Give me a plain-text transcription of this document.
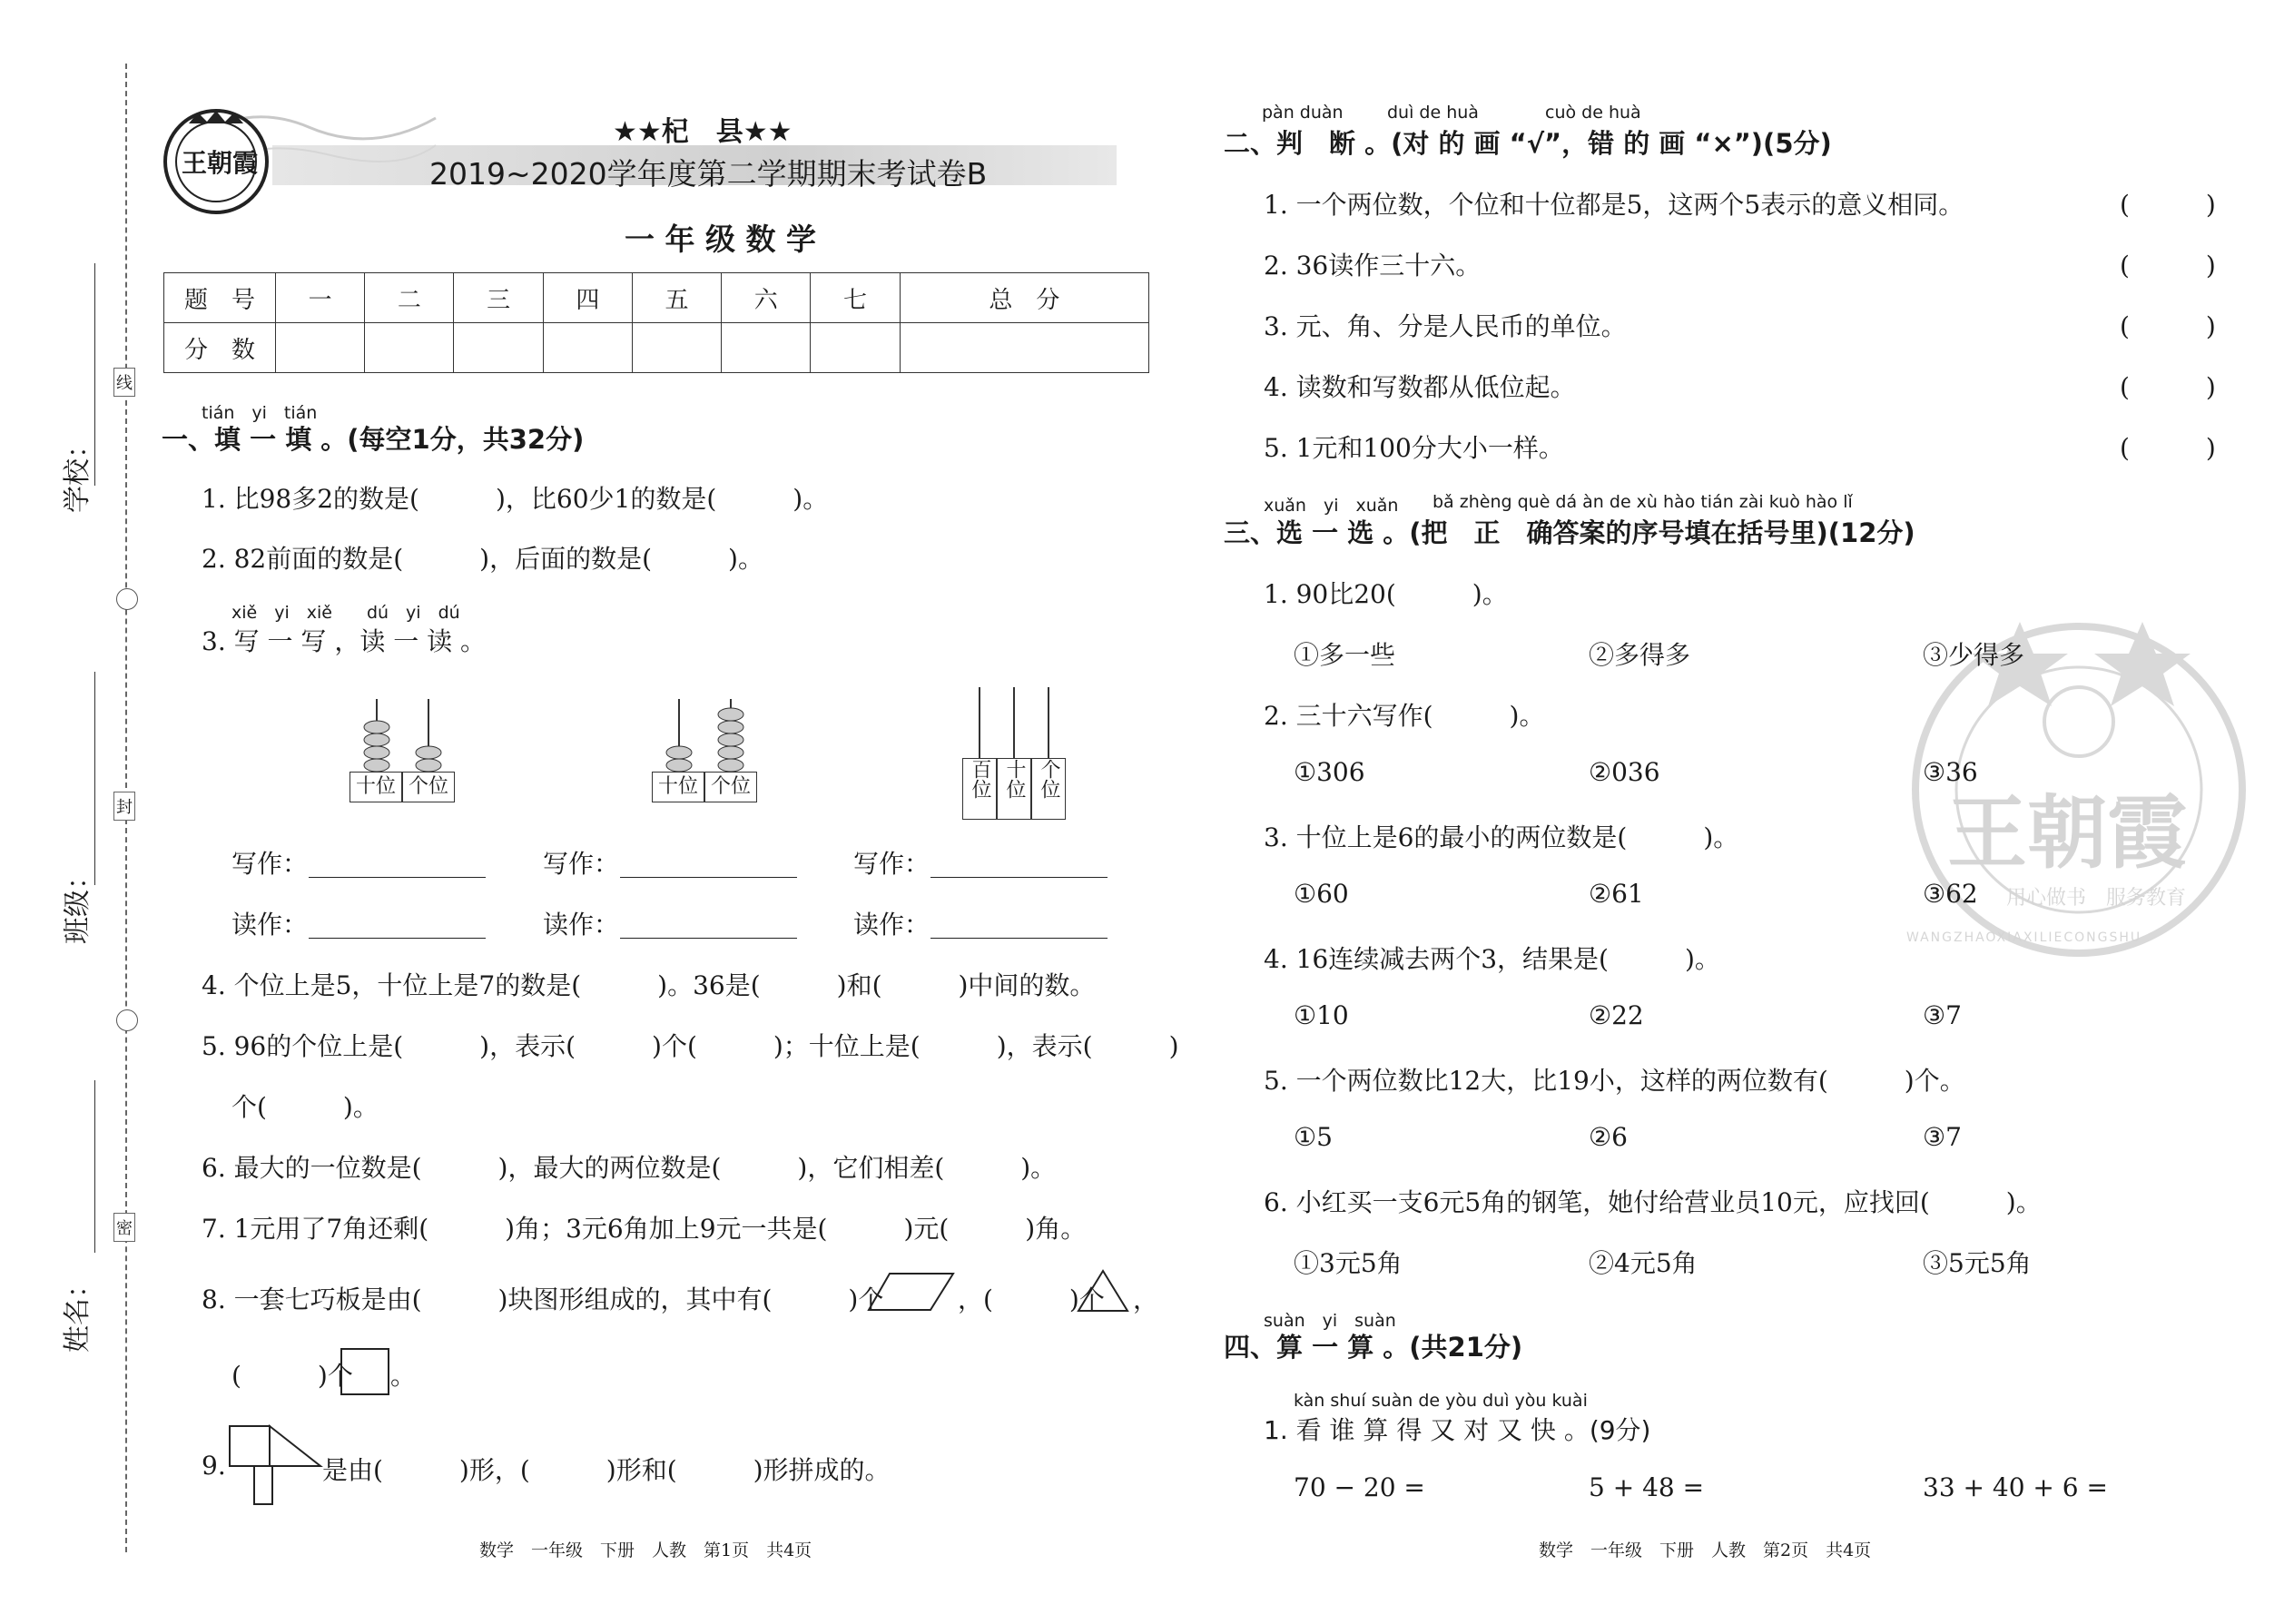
线
封
密
学校：
班级：
姓名：
王朝霞
★★杞　县★★
2019~2020学年度第二学期期末考试卷B
一 年 级 数 学
题　号	一	二	三	四	五	六	七	总　分
分　数								
tián　yi　tián
一、填 一 填 。(每空1分，共32分)
1. 比98多2的数是(　　　)，比60少1的数是(　　　)。
2. 82前面的数是(　　　)，后面的数是(　　　)。
xiě　yi　xiě　　dú　yi　dú
3. 写 一 写 ，读 一 读 。
十位 个位	十位 个位	百位 十位 个位
写作：	写作：	写作：
读作：	读作：	读作：
4. 个位上是5，十位上是7的数是(　　　)。36是(　　　)和(　　　)中间的数。
5. 96的个位上是(　　　)，表示(　　　)个(　　　)；十位上是(　　　)，表示(　　　)
个(　　　)。
6. 最大的一位数是(　　　)，最大的两位数是(　　　)，它们相差(　　　)。
7. 1元用了7角还剩(　　　)角；3元6角加上9元一共是(　　　)元(　　　)角。
8. 一套七巧板是由(　　　)块图形组成的，其中有(　　　)个	，(　　　)个 ，
(　　　)个 。
9.	是由(　　　)形，(　　　)形和(　　　)形拼成的。
数学　一年级　下册　人教　第1页　共4页
王朝霞
用心做书　服务教育
WANGZHAOXIAXILIECONGSHU
pàn duàn	duì de huà	cuò de huà
二、判　断 。(对 的 画 “√”，错 的 画 “×”)(5分)
1. 一个两位数，个位和十位都是5，这两个5表示的意义相同。	(　　　)
2. 36读作三十六。	(　　　)
3. 元、角、分是人民币的单位。	(　　　)
4. 读数和写数都从低位起。	(　　　)
5. 1元和100分大小一样。	(　　　)
xuǎn　yi　xuǎn bǎ zhèng què dá àn de xù hào tián zài kuò hào lǐ
三、选 一 选 。(把　正　确答案的序号填在括号里)(12分)
1. 90比20(　　　)。
①多一些	②多得多	③少得多
2. 三十六写作(　　　)。
①306	②036	③36
3. 十位上是6的最小的两位数是(　　　)。
①60	②61	③62
4. 16连续减去两个3，结果是(　　　)。
①10	②22	③7
5. 一个两位数比12大，比19小，这样的两位数有(　　　)个。
①5	②6	③7
6. 小红买一支6元5角的钢笔，她付给营业员10元，应找回(　　　)。
①3元5角	②4元5角	③5元5角
suàn　yi　suàn
四、算 一 算 。(共21分)
kàn shuí suàn de yòu duì yòu kuài
1. 看 谁 算 得 又 对 又 快 。(9分)
70 − 20 =	5 + 48 =	33 + 40 + 6 =
数学　一年级　下册　人教　第2页　共4页
